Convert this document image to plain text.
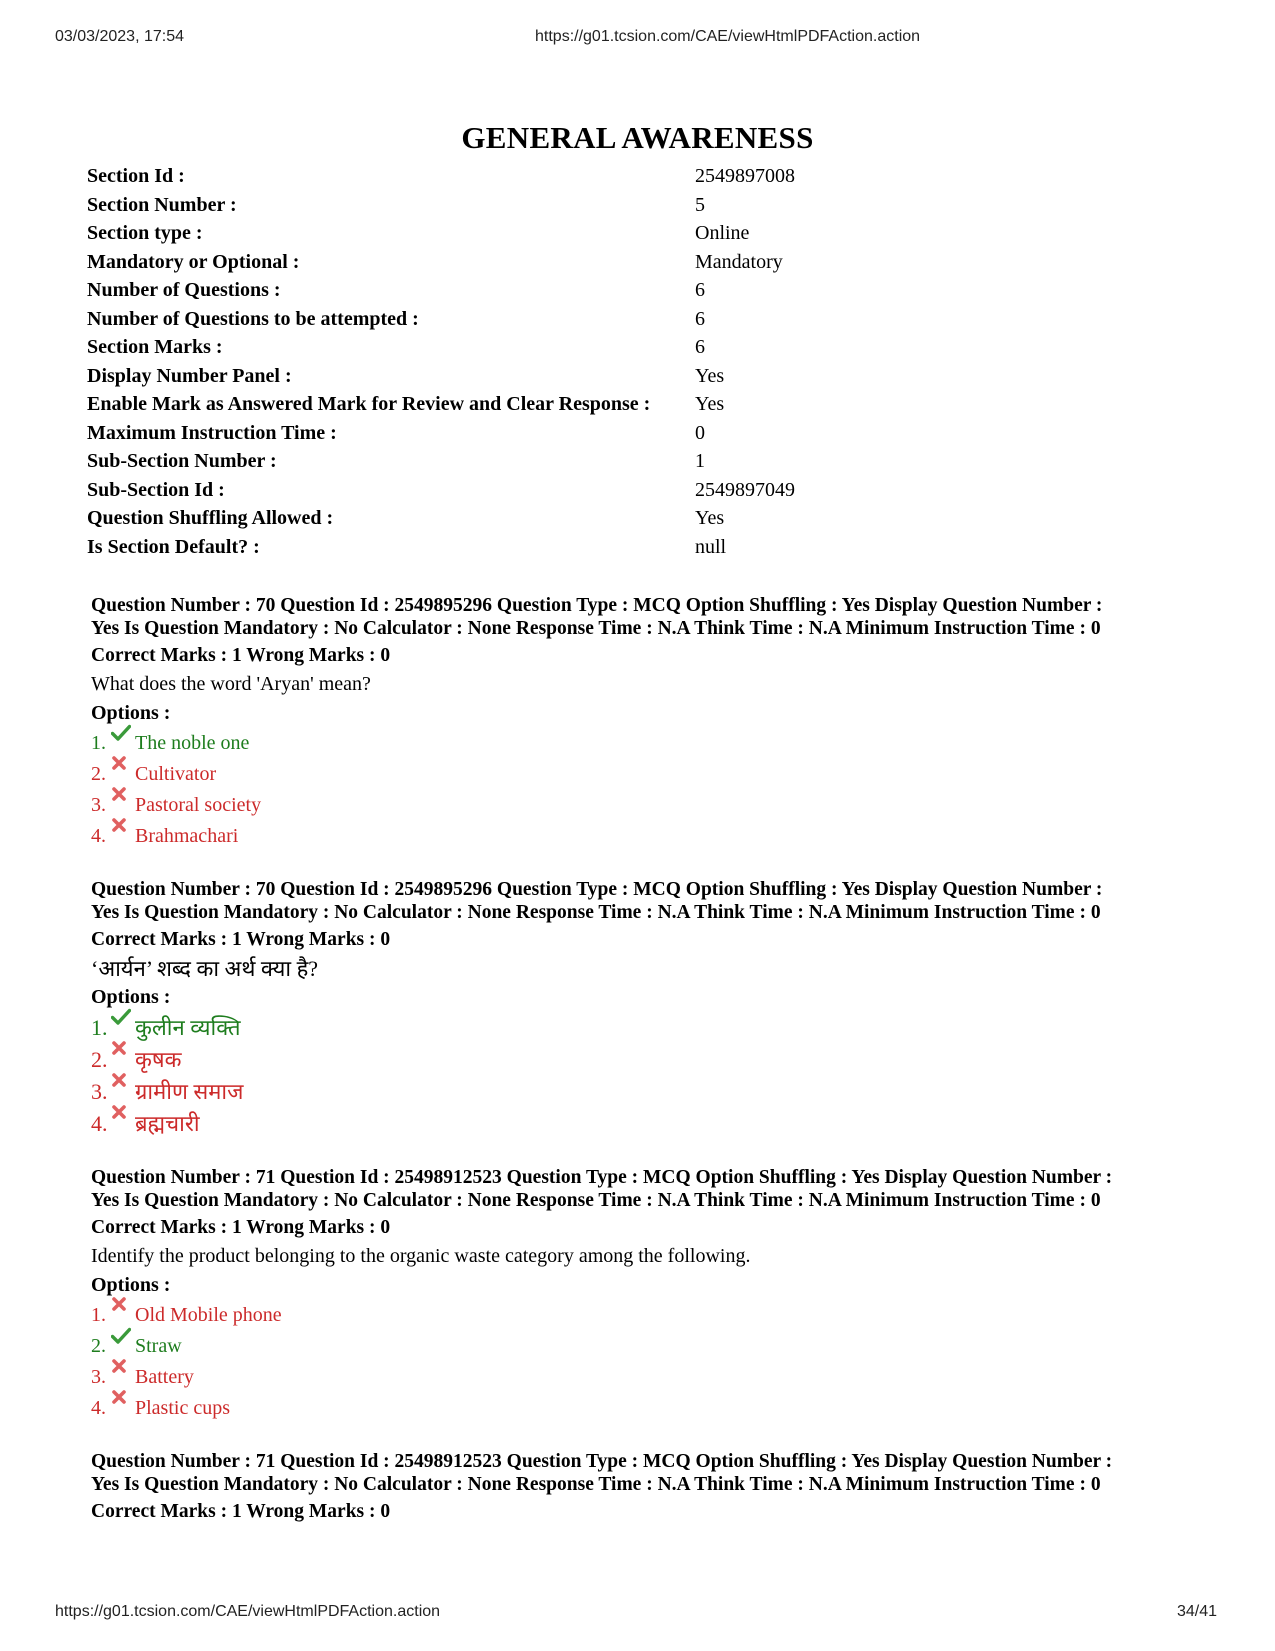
03/03/2023, 17:54	https://g01.tcsion.com/CAE/viewHtmlPDFAction.action
GENERAL AWARENESS
Section Id :	2549897008
Section Number :	5
Section type :	Online
Mandatory or Optional :	Mandatory
Number of Questions :	6
Number of Questions to be attempted :	6
Section Marks :	6
Display Number Panel :	Yes
Enable Mark as Answered Mark for Review and Clear Response : Yes
Maximum Instruction Time :	0
Sub-Section Number :	1
Sub-Section Id :	2549897049
Question Shuffling Allowed :	Yes
Is Section Default? :	null
Question Number : 70 Question Id : 2549895296 Question Type : MCQ Option Shuffling : Yes Display Question Number :
Yes Is Question Mandatory : No Calculator : None Response Time : N.A Think Time : N.A Minimum Instruction Time : 0
Correct Marks : 1 Wrong Marks : 0
What does the word 'Aryan' mean?
Options :
1. The noble one
2. Cultivator
3. Pastoral society
4. Brahmachari
Question Number : 70 Question Id : 2549895296 Question Type : MCQ Option Shuffling : Yes Display Question Number :
Yes Is Question Mandatory : No Calculator : None Response Time : N.A Think Time : N.A Minimum Instruction Time : 0
Correct Marks : 1 Wrong Marks : 0
‘आर्यन’ शब्द का अर्थ क्या है?
Options :
1. कुलीन व्यक्ति
2. कृषक
3. ग्रामीण समाज
4. ब्रह्मचारी
Question Number : 71 Question Id : 25498912523 Question Type : MCQ Option Shuffling : Yes Display Question Number :
Yes Is Question Mandatory : No Calculator : None Response Time : N.A Think Time : N.A Minimum Instruction Time : 0
Correct Marks : 1 Wrong Marks : 0
Identify the product belonging to the organic waste category among the following.
Options :
1. Old Mobile phone
2. Straw
3. Battery
4. Plastic cups
Question Number : 71 Question Id : 25498912523 Question Type : MCQ Option Shuffling : Yes Display Question Number :
Yes Is Question Mandatory : No Calculator : None Response Time : N.A Think Time : N.A Minimum Instruction Time : 0
Correct Marks : 1 Wrong Marks : 0
https://g01.tcsion.com/CAE/viewHtmlPDFAction.action	34/41
